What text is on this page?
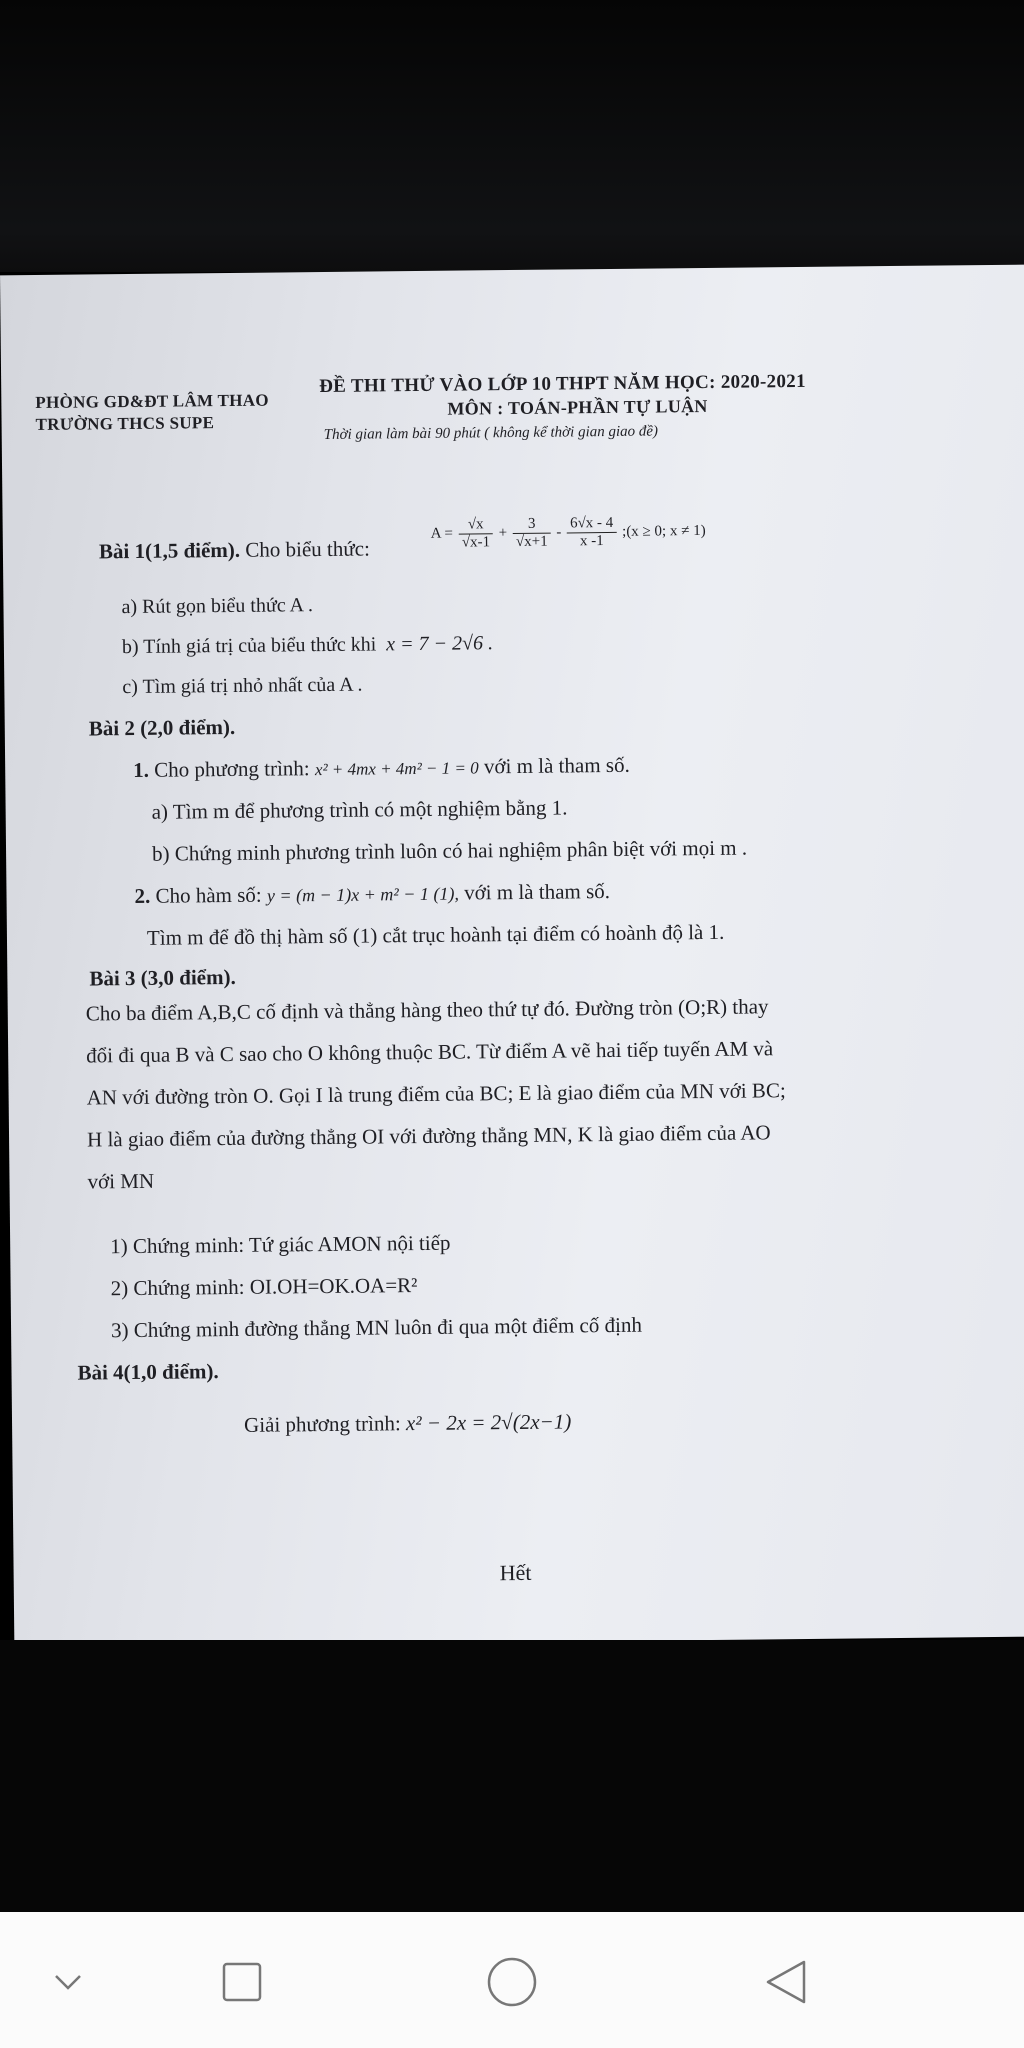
PHÒNG GD&ĐT LÂM THAO
TRƯỜNG THCS SUPE
ĐỀ THI THỬ VÀO LỚP 10 THPT NĂM HỌC: 2020-2021
MÔN : TOÁN-PHẦN TỰ LUẬN
Thời gian làm bài 90 phút ( không kể thời gian giao đề)
Bài 1(1,5 điểm). Cho biểu thức:
$A = \frac{√x}{√x-1} + \frac{3}{√x+1} - \frac{6√x - 4}{x -1}$ ;(x ≥ 0; x ≠ 1)
a) Rút gọn biểu thức A .
b) Tính giá trị của biểu thức khi x = 7 − 2√6 .
c) Tìm giá trị nhỏ nhất của A .
Bài 2 (2,0 điểm).
1. Cho phương trình: x² + 4mx + 4m² − 1 = 0 với m là tham số.
a) Tìm m để phương trình có một nghiệm bằng 1.
b) Chứng minh phương trình luôn có hai nghiệm phân biệt với mọi m .
2. Cho hàm số: y = (m − 1)x + m² − 1 (1), với m là tham số.
Tìm m để đồ thị hàm số (1) cắt trục hoành tại điểm có hoành độ là 1.
Bài 3 (3,0 điểm).
Cho ba điểm A,B,C cố định và thẳng hàng theo thứ tự đó. Đường tròn (O;R) thay
đổi đi qua B và C sao cho O không thuộc BC. Từ điểm A vẽ hai tiếp tuyến AM và
AN với đường tròn O. Gọi I là trung điểm của BC; E là giao điểm của MN với BC;
H là giao điểm của đường thẳng OI với đường thẳng MN, K là giao điểm của AO
với MN
1) Chứng minh: Tứ giác AMON nội tiếp
2) Chứng minh: OI.OH=OK.OA=R²
3) Chứng minh đường thẳng MN luôn đi qua một điểm cố định
Bài 4(1,0 điểm).
Giải phương trình: x² − 2x = 2√(2x−1)
Hết
